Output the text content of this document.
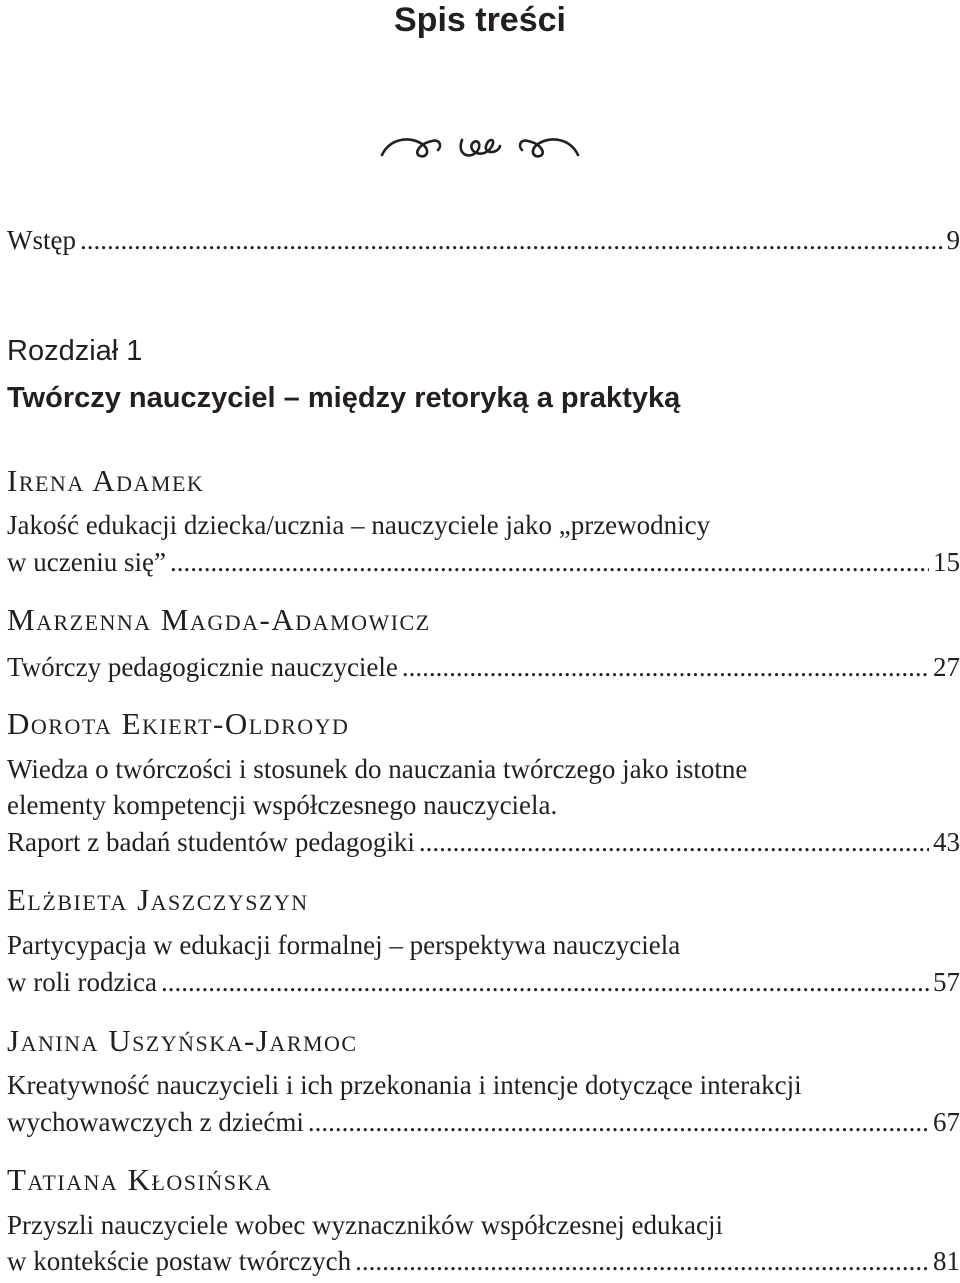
Spis treści
Wstęp .....	9
Rozdział 1
Twórczy nauczyciel – między retoryką a praktyką
Irena Adamek
Jakość edukacji dziecka/ucznia – nauczyciele jako „przewodnicy
w uczeniu się” .....	15
Marzenna Magda-Adamowicz
Twórczy pedagogicznie nauczyciele .....	27
Dorota Ekiert-Oldroyd
Wiedza o twórczości i stosunek do nauczania twórczego jako istotne
elementy kompetencji współczesnego nauczyciela.
Raport z badań studentów pedagogiki .....	43
Elżbieta Jaszczyszyn
Partycypacja w edukacji formalnej – perspektywa nauczyciela
w roli rodzica .....	57
Janina Uszyńska-Jarmoc
Kreatywność nauczycieli i ich przekonania i intencje dotyczące interakcji
wychowawczych z dziećmi .....	67
Tatiana Kłosińska
Przyszli nauczyciele wobec wyznaczników współczesnej edukacji
w kontekście postaw twórczych .....	81
